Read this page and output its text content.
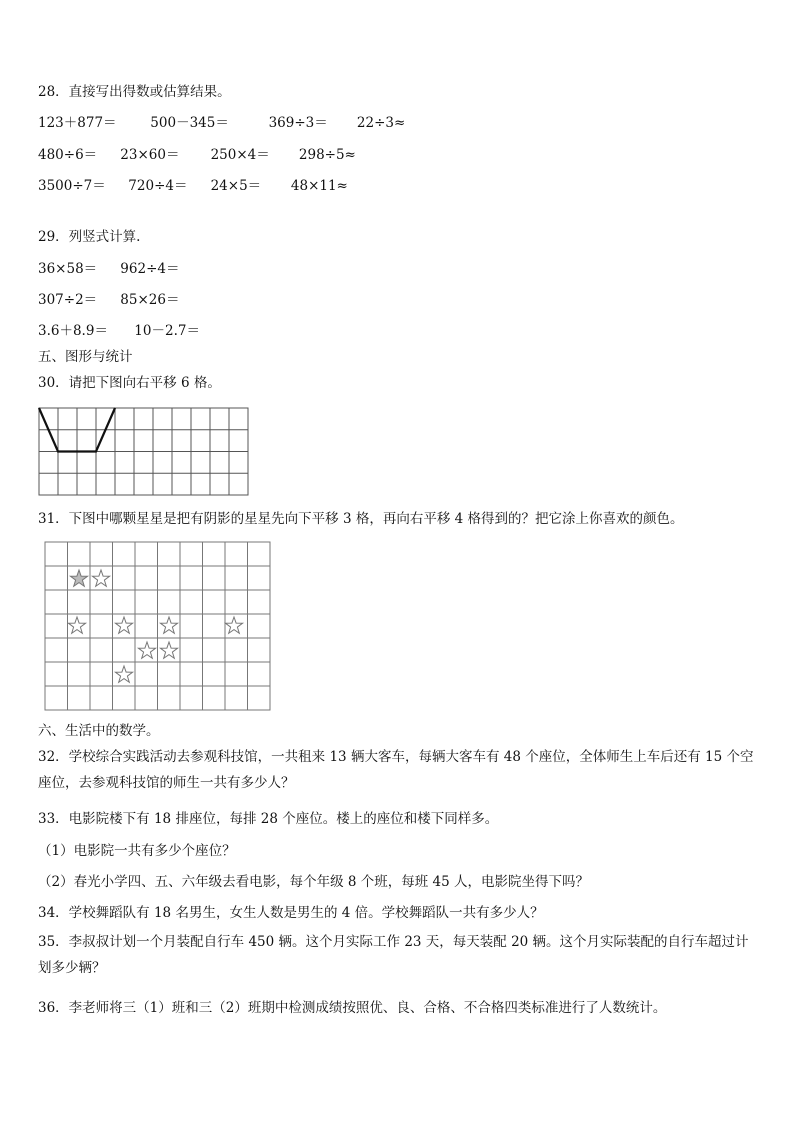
28．直接写出得数或估算结果。
123＋877＝	500－345＝	369÷3＝ 22÷3≈
480÷6＝ 23×60＝ 250×4＝ 298÷5≈
3500÷7＝ 720÷4＝ 24×5＝ 48×11≈
29．列竖式计算.
36×58＝ 962÷4＝
307÷2＝ 85×26＝
3.6＋8.9＝ 10－2.7＝
五、图形与统计
30．请把下图向右平移 6 格。
31．下图中哪颗星星是把有阴影的星星先向下平移 3 格，再向右平移 4 格得到的？把它涂上你喜欢的颜色。
六、生活中的数学。
32．学校综合实践活动去参观科技馆，一共租来 13 辆大客车，每辆大客车有 48 个座位，全体师生上车后还有 15 个空座位，去参观科技馆的师生一共有多少人？
33．电影院楼下有 18 排座位，每排 28 个座位。楼上的座位和楼下同样多。
（1）电影院一共有多少个座位？
（2）春光小学四、五、六年级去看电影，每个年级 8 个班，每班 45 人，电影院坐得下吗？
34．学校舞蹈队有 18 名男生，女生人数是男生的 4 倍。学校舞蹈队一共有多少人？
35．李叔叔计划一个月装配自行车 450 辆。这个月实际工作 23 天，每天装配 20 辆。这个月实际装配的自行车超过计划多少辆？
36．李老师将三（1）班和三（2）班期中检测成绩按照优、良、合格、不合格四类标准进行了人数统计。
